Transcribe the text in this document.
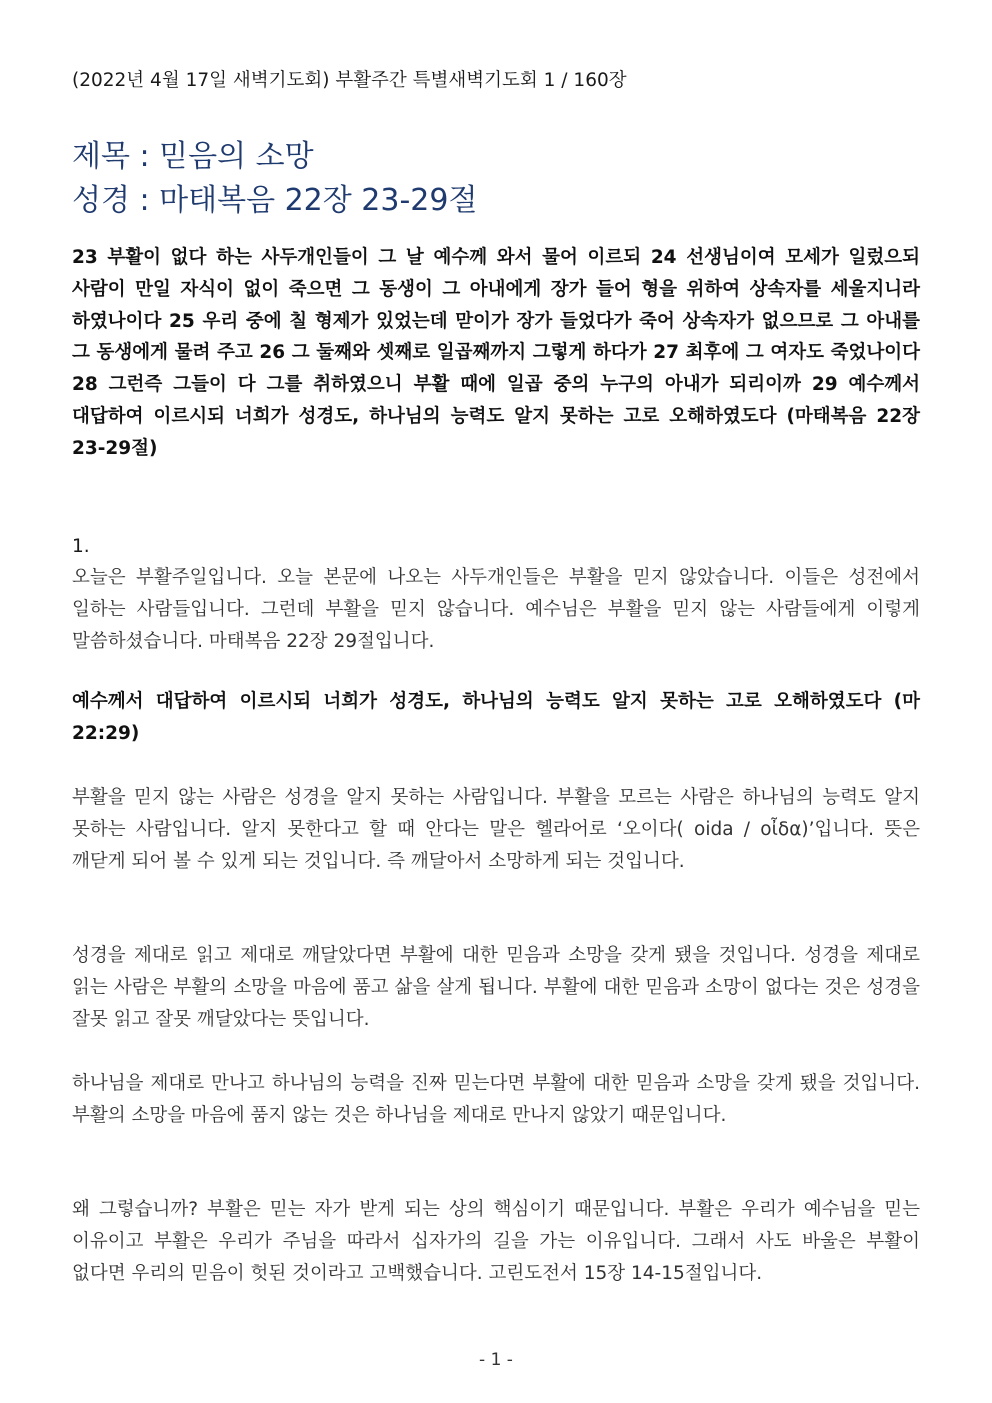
(2022년 4월 17일 새벽기도회) 부활주간 특별새벽기도회 1 / 160장
제목 : 믿음의 소망
성경 : 마태복음 22장 23-29절
23 부활이 없다 하는 사두개인들이 그 날 예수께 와서 물어 이르되 24 선생님이여 모세가 일렀으되 사람이 만일 자식이 없이 죽으면 그 동생이 그 아내에게 장가 들어 형을 위하여 상속자를 세울지니라 하였나이다 25 우리 중에 칠 형제가 있었는데 맏이가 장가 들었다가 죽어 상속자가 없으므로 그 아내를 그 동생에게 물려 주고 26 그 둘째와 셋째로 일곱째까지 그렇게 하다가 27 최후에 그 여자도 죽었나이다 28 그런즉 그들이 다 그를 취하였으니 부활 때에 일곱 중의 누구의 아내가 되리이까 29 예수께서 대답하여 이르시되 너희가 성경도, 하나님의 능력도 알지 못하는 고로 오해하였도다 (마태복음 22장 23-29절)
1.
오늘은 부활주일입니다. 오늘 본문에 나오는 사두개인들은 부활을 믿지 않았습니다. 이들은 성전에서 일하는 사람들입니다. 그런데 부활을 믿지 않습니다. 예수님은 부활을 믿지 않는 사람들에게 이렇게 말씀하셨습니다. 마태복음 22장 29절입니다.
예수께서 대답하여 이르시되 너희가 성경도, 하나님의 능력도 알지 못하는 고로 오해하였도다 (마 22:29)
부활을 믿지 않는 사람은 성경을 알지 못하는 사람입니다. 부활을 모르는 사람은 하나님의 능력도 알지 못하는 사람입니다. 알지 못한다고 할 때 안다는 말은 헬라어로 ‘오이다( oida / oἶδα)’입니다. 뜻은 깨닫게 되어 볼 수 있게 되는 것입니다. 즉 깨달아서 소망하게 되는 것입니다.
성경을 제대로 읽고 제대로 깨달았다면 부활에 대한 믿음과 소망을 갖게 됐을 것입니다. 성경을 제대로 읽는 사람은 부활의 소망을 마음에 품고 삶을 살게 됩니다. 부활에 대한 믿음과 소망이 없다는 것은 성경을 잘못 읽고 잘못 깨달았다는 뜻입니다.
하나님을 제대로 만나고 하나님의 능력을 진짜 믿는다면 부활에 대한 믿음과 소망을 갖게 됐을 것입니다. 부활의 소망을 마음에 품지 않는 것은 하나님을 제대로 만나지 않았기 때문입니다.
왜 그렇습니까? 부활은 믿는 자가 받게 되는 상의 핵심이기 때문입니다. 부활은 우리가 예수님을 믿는 이유이고 부활은 우리가 주님을 따라서 십자가의 길을 가는 이유입니다. 그래서 사도 바울은 부활이 없다면 우리의 믿음이 헛된 것이라고 고백했습니다. 고린도전서 15장 14-15절입니다.
- 1 -
